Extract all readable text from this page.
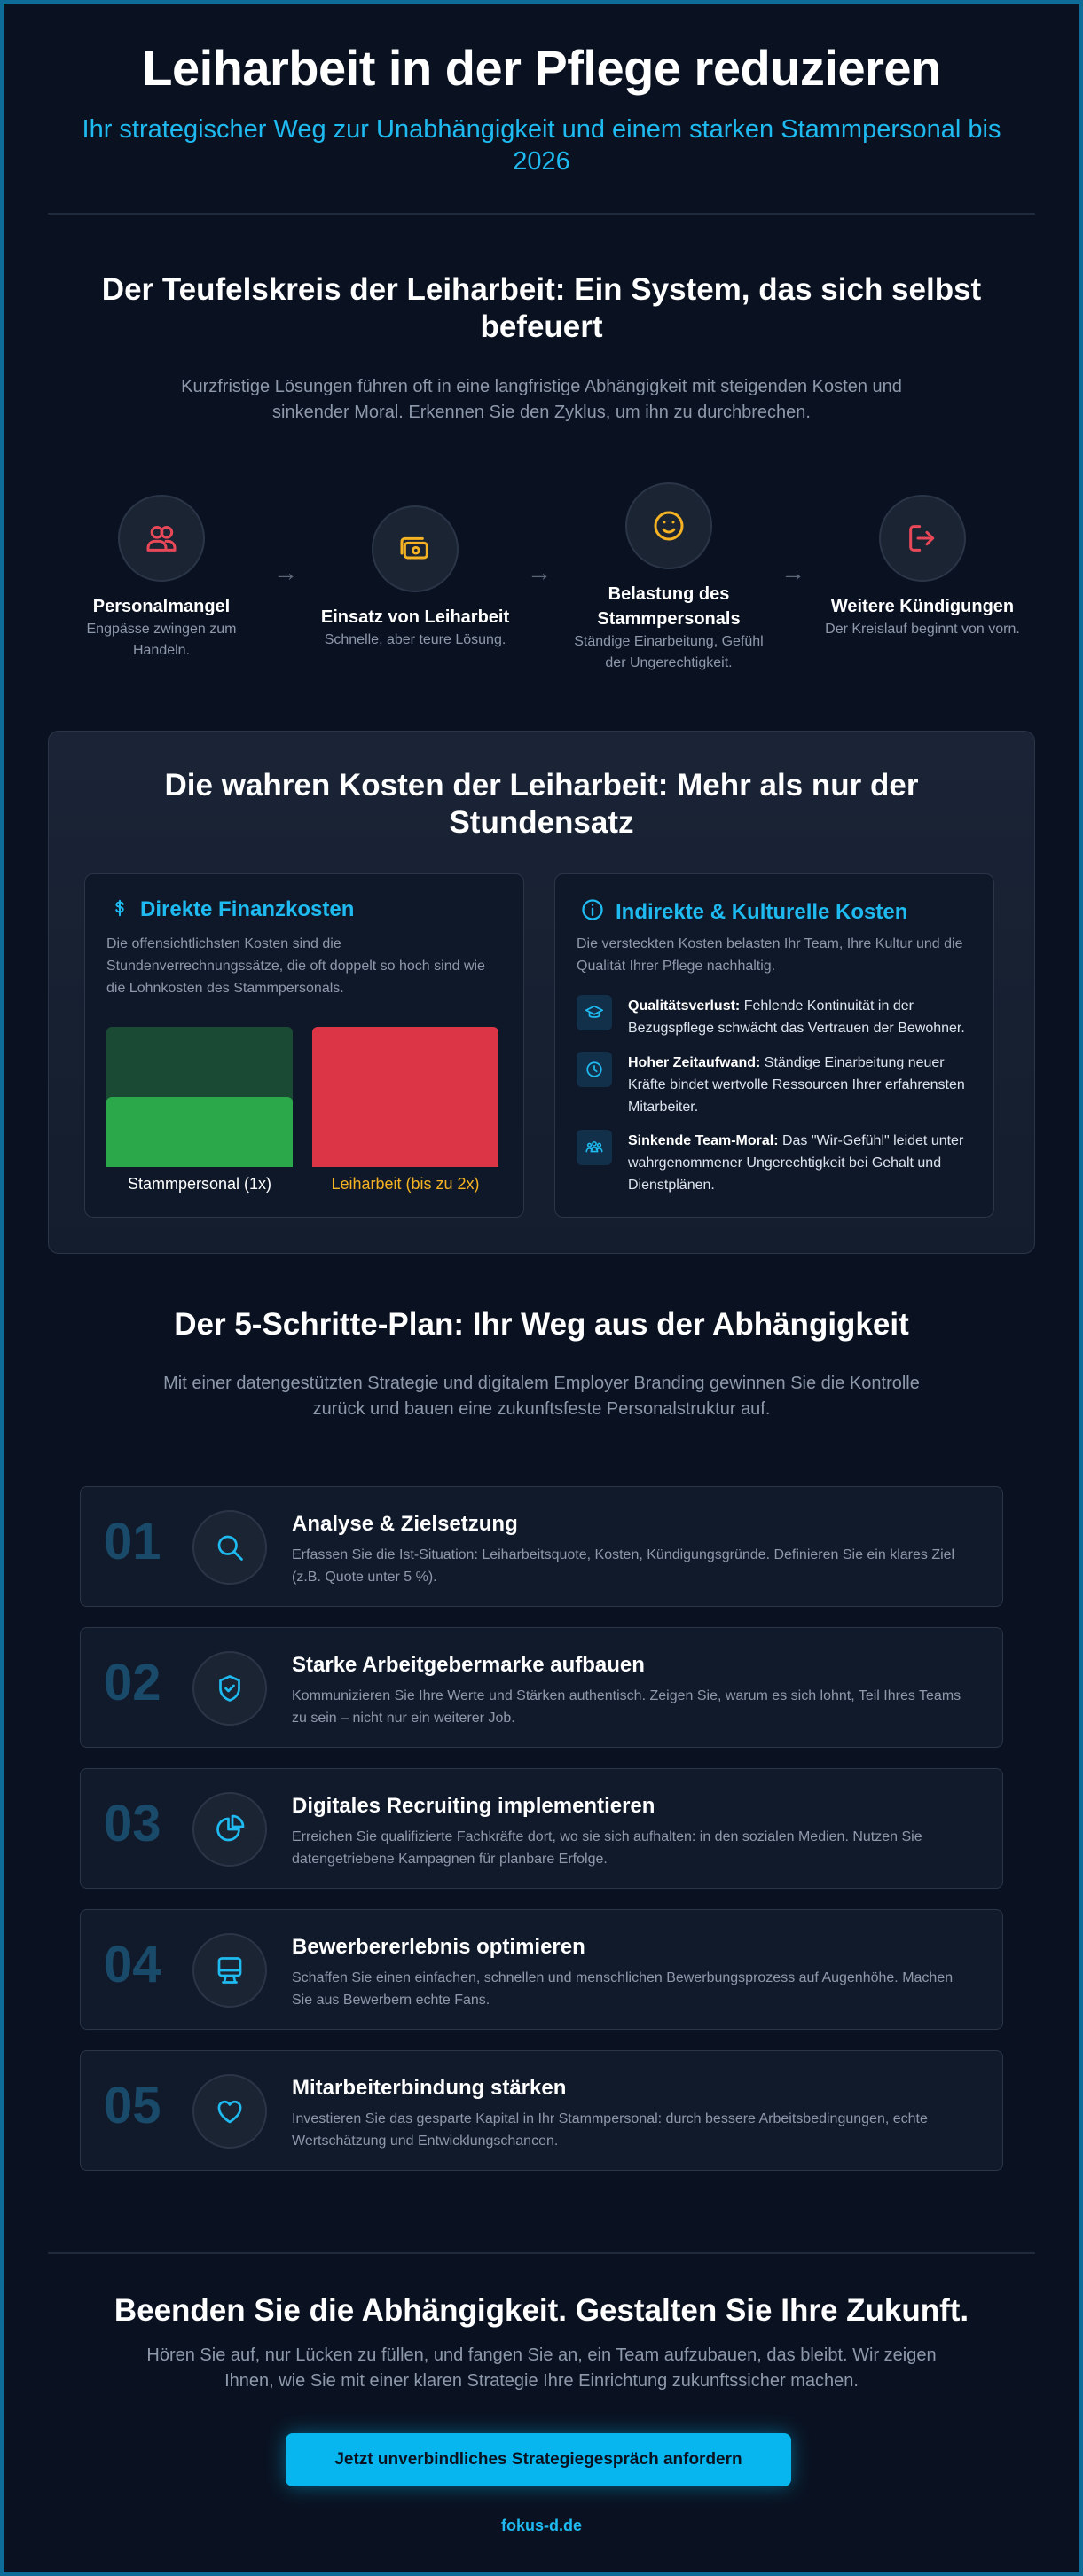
Leiharbeit in der Pflege reduzieren
Ihr strategischer Weg zur Unabhängigkeit und einem starken Stammpersonal bis 2026
Der Teufelskreis der Leiharbeit: Ein System, das sich selbst befeuert
Kurzfristige Lösungen führen oft in eine langfristige Abhängigkeit mit steigenden Kosten und sinkender Moral. Erkennen Sie den Zyklus, um ihn zu durchbrechen.
Personalmangel
Engpässe zwingen zum Handeln.
→
Einsatz von Leiharbeit
Schnelle, aber teure Lösung.
→
Belastung des Stammpersonals
Ständige Einarbeitung, Gefühl der Ungerechtigkeit.
→
Weitere Kündigungen
Der Kreislauf beginnt von vorn.
Die wahren Kosten der Leiharbeit: Mehr als nur der Stundensatz
Direkte Finanzkosten
Die offensichtlichsten Kosten sind die Stundenverrechnungssätze, die oft doppelt so hoch sind wie die Lohnkosten des Stammpersonals.
Stammpersonal (1x)	Leiharbeit (bis zu 2x)
Indirekte & Kulturelle Kosten
Die versteckten Kosten belasten Ihr Team, Ihre Kultur und die Qualität Ihrer Pflege nachhaltig.
Qualitätsverlust: Fehlende Kontinuität in der Bezugspflege schwächt das Vertrauen der Bewohner.
Hoher Zeitaufwand: Ständige Einarbeitung neuer Kräfte bindet wertvolle Ressourcen Ihrer erfahrensten Mitarbeiter.
Sinkende Team-Moral: Das "Wir-Gefühl" leidet unter wahrgenommener Ungerechtigkeit bei Gehalt und Dienstplänen.
Der 5-Schritte-Plan: Ihr Weg aus der Abhängigkeit
Mit einer datengestützten Strategie und digitalem Employer Branding gewinnen Sie die Kontrolle zurück und bauen eine zukunftsfeste Personalstruktur auf.
01	Analyse & Zielsetzung
Erfassen Sie die Ist-Situation: Leiharbeitsquote, Kosten, Kündigungsgründe. Definieren Sie ein klares Ziel (z.B. Quote unter 5 %).
02	Starke Arbeitgebermarke aufbauen
Kommunizieren Sie Ihre Werte und Stärken authentisch. Zeigen Sie, warum es sich lohnt, Teil Ihres Teams zu sein – nicht nur ein weiterer Job.
03	Digitales Recruiting implementieren
Erreichen Sie qualifizierte Fachkräfte dort, wo sie sich aufhalten: in den sozialen Medien. Nutzen Sie datengetriebene Kampagnen für planbare Erfolge.
04	Bewerbererlebnis optimieren
Schaffen Sie einen einfachen, schnellen und menschlichen Bewerbungsprozess auf Augenhöhe. Machen Sie aus Bewerbern echte Fans.
05	Mitarbeiterbindung stärken
Investieren Sie das gesparte Kapital in Ihr Stammpersonal: durch bessere Arbeitsbedingungen, echte Wertschätzung und Entwicklungschancen.
Beenden Sie die Abhängigkeit. Gestalten Sie Ihre Zukunft.
Hören Sie auf, nur Lücken zu füllen, und fangen Sie an, ein Team aufzubauen, das bleibt. Wir zeigen Ihnen, wie Sie mit einer klaren Strategie Ihre Einrichtung zukunftssicher machen.
Jetzt unverbindliches Strategiegespräch anfordern
fokus-d.de
